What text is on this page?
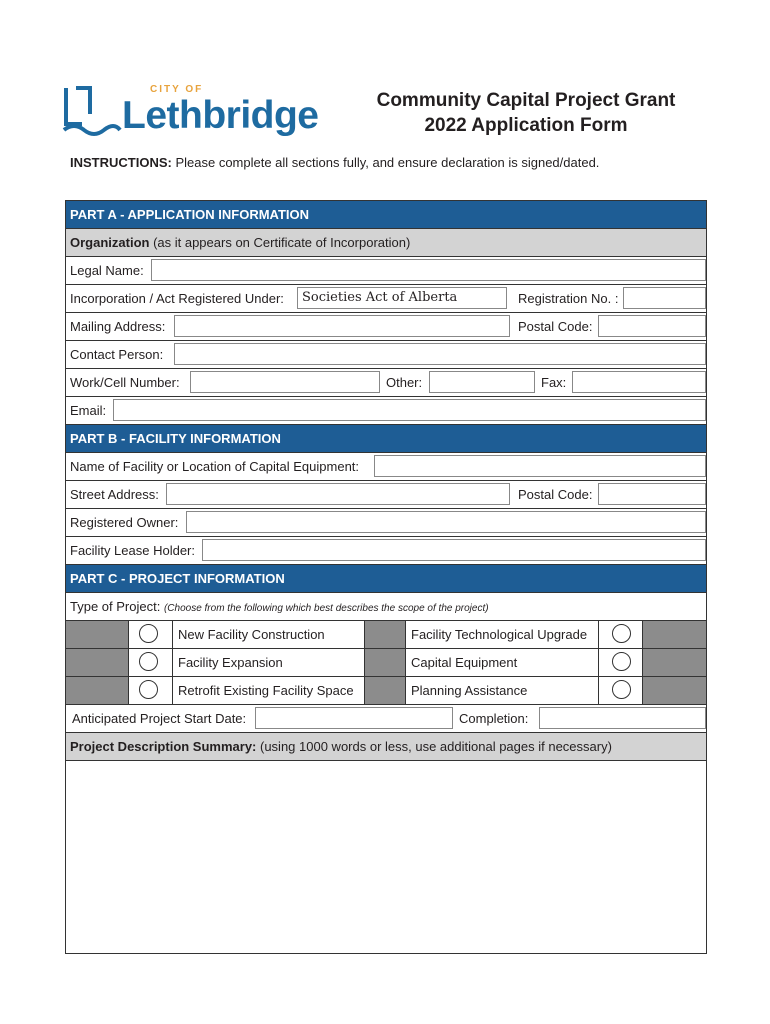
CITY OF
Lethbridge	Community Capital Project Grant
2022 Application Form
INSTRUCTIONS: Please complete all sections fully, and ensure declaration is signed/dated.
PART A - APPLICATION INFORMATION
Organization (as it appears on Certificate of Incorporation)
Legal Name:
Incorporation / Act Registered Under:	Societies Act of Alberta	Registration No. :
Mailing Address:	Postal Code:
Contact Person:
Work/Cell Number:	Other:	Fax:
Email:
PART B - FACILITY INFORMATION
Name of Facility or Location of Capital Equipment:
Street Address:	Postal Code:
Registered Owner:
Facility Lease Holder:
PART C - PROJECT INFORMATION
Type of Project: (Choose from the following which best describes the scope of the project)
New Facility Construction	Facility Technological Upgrade
Facility Expansion	Capital Equipment
Retrofit Existing Facility Space	Planning Assistance
Anticipated Project Start Date:	Completion:
Project Description Summary: (using 1000 words or less, use additional pages if necessary)
